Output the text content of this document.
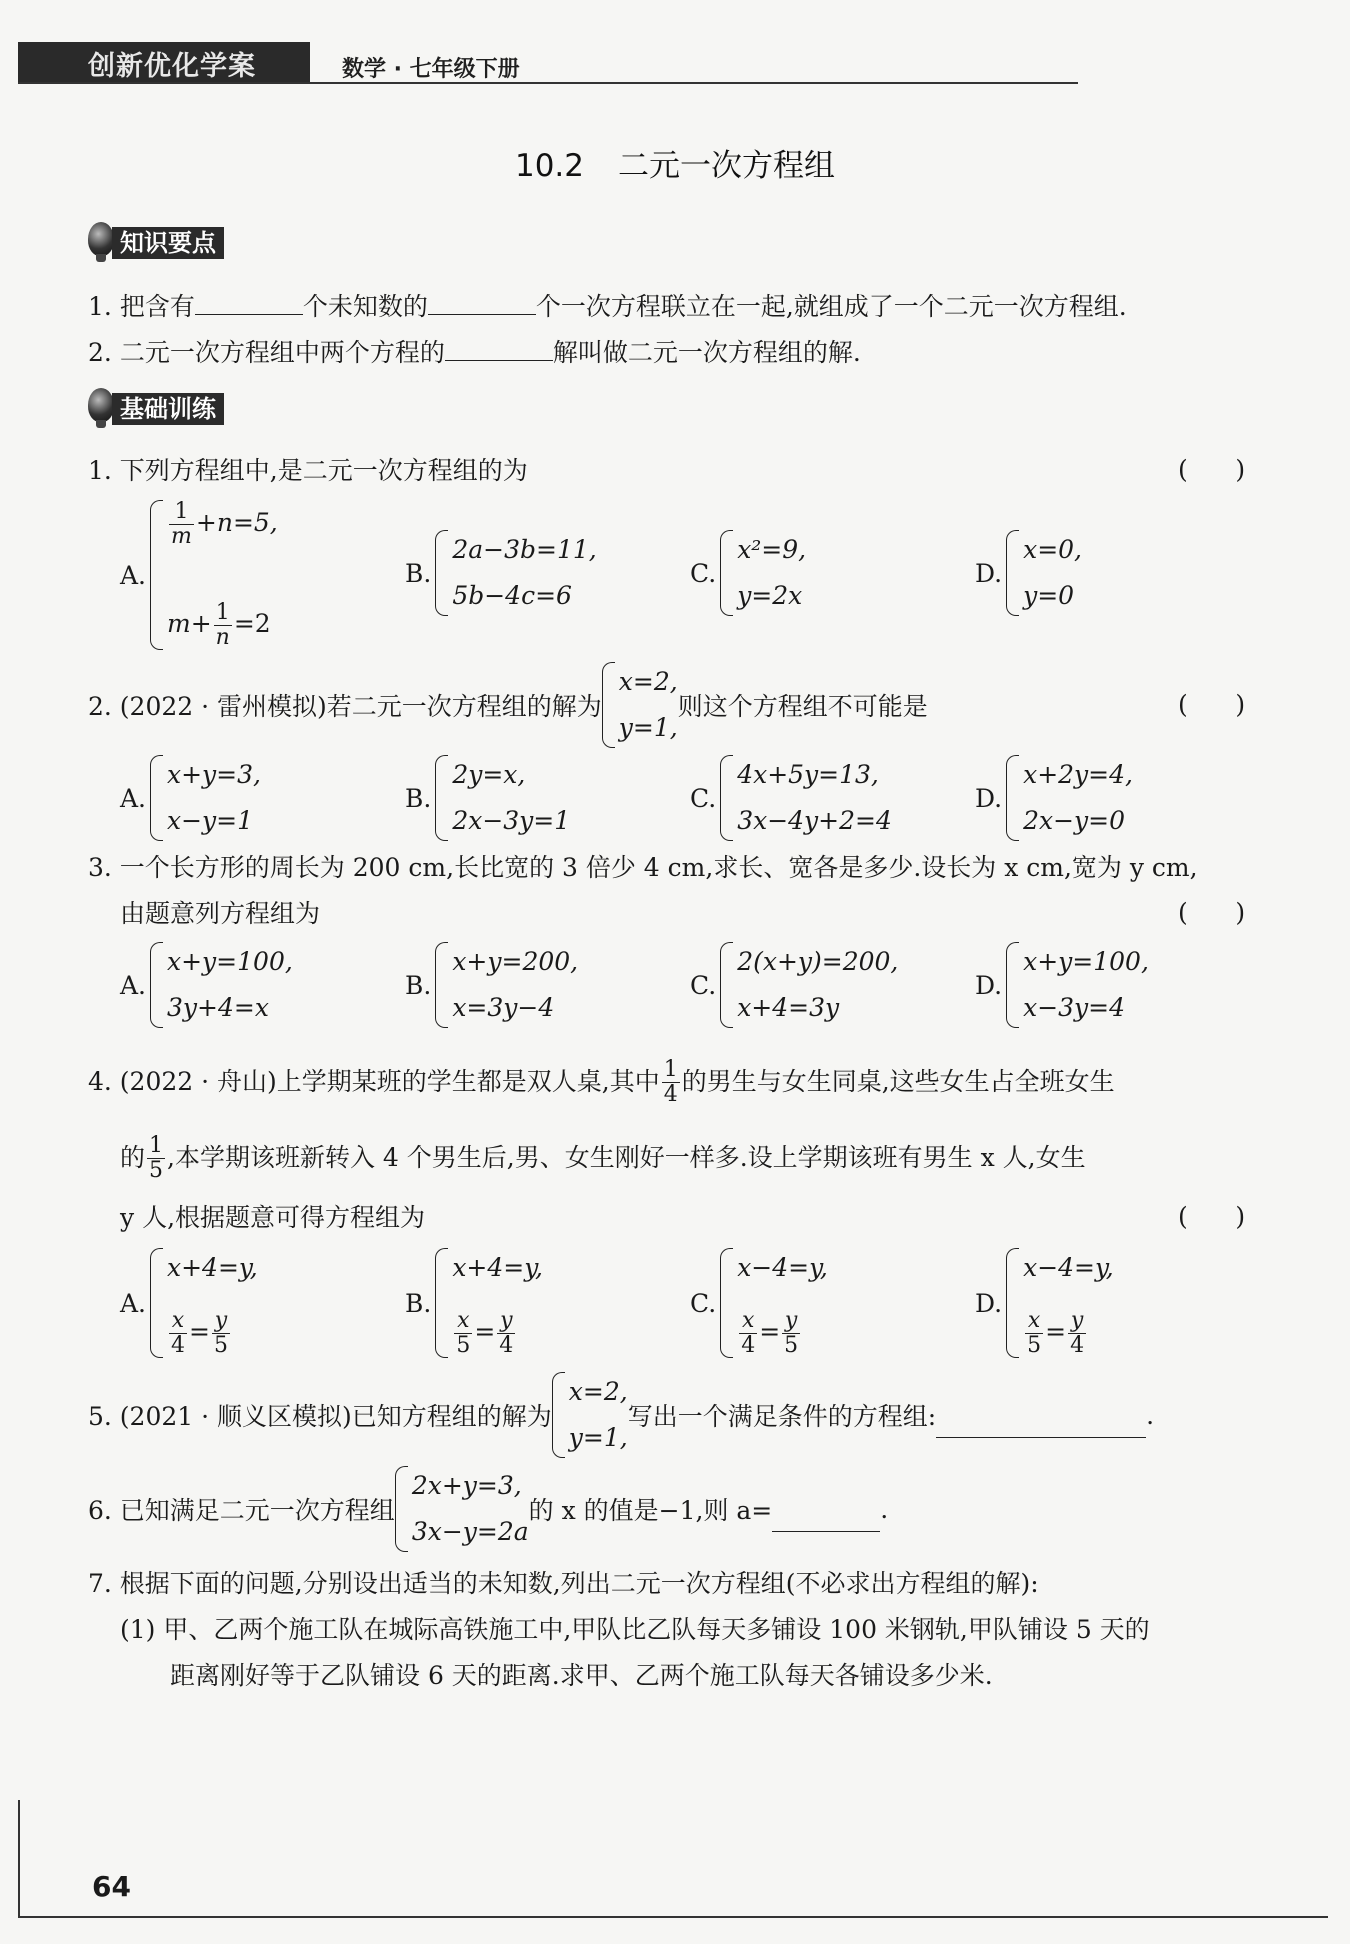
创新优化学案	数学 · 七年级下册
10.2 二元一次方程组
知识要点
1. 把含有	个未知数的	个一次方程联立在一起,就组成了一个二元一次方程组.
2. 二元一次方程组中两个方程的	解叫做二元一次方程组的解.
基础训练
1. 下列方程组中,是二元一次方程组的为	(      )
A.
$\frac{1}{m} +n=5$,
$m+ \frac{1}{n} =2$
B.
2a−3b=11,
5b−4c=6
C.
x²=9,
y=2x
D.
x=0,
y=0
2. (2022 · 雷州模拟)若二元一次方程组的解为
x=2,
y=1,
则这个方程组不可能是	(      )
A.
x+y=3,
x−y=1
B.
2y=x,
2x−3y=1
C.
4x+5y=13,
3x−4y+2=4
D.
x+2y=4,
2x−y=0
3. 一个长方形的周长为 200 cm,长比宽的 3 倍少 4 cm,求长、宽各是多少.设长为 x cm,宽为 y cm,
由题意列方程组为	(      )
A.
x+y=100,
3y+4=x
B.
x+y=200,
x=3y−4
C.
2(x+y)=200,
x+4=3y
D.
x+y=100,
x−3y=4
4. (2022 · 舟山)上学期某班的学生都是双人桌,其中 $\frac{1}{4}$ 的男生与女生同桌,这些女生占全班女生
的 $\frac{1}{5}$ ,本学期该班新转入 4 个男生后,男、女生刚好一样多.设上学期该班有男生 x 人,女生
y 人,根据题意可得方程组为	(      )
A.
x+4=y,
$\frac{x}{4} = \frac{y}{5}$
B.
x+4=y,
$\frac{x}{5} = \frac{y}{4}$
C.
x−4=y,
$\frac{x}{4} = \frac{y}{5}$
D.
x−4=y,
$\frac{x}{5} = \frac{y}{4}$
5. (2021 · 顺义区模拟)已知方程组的解为
x=2,
y=1,
写出一个满足条件的方程组:	.
6. 已知满足二元一次方程组
2x+y=3,
3x−y=2a
的 x 的值是−1,则 a=	.
7. 根据下面的问题,分别设出适当的未知数,列出二元一次方程组(不必求出方程组的解):
(1) 甲、乙两个施工队在城际高铁施工中,甲队比乙队每天多铺设 100 米钢轨,甲队铺设 5 天的
距离刚好等于乙队铺设 6 天的距离.求甲、乙两个施工队每天各铺设多少米.
64
